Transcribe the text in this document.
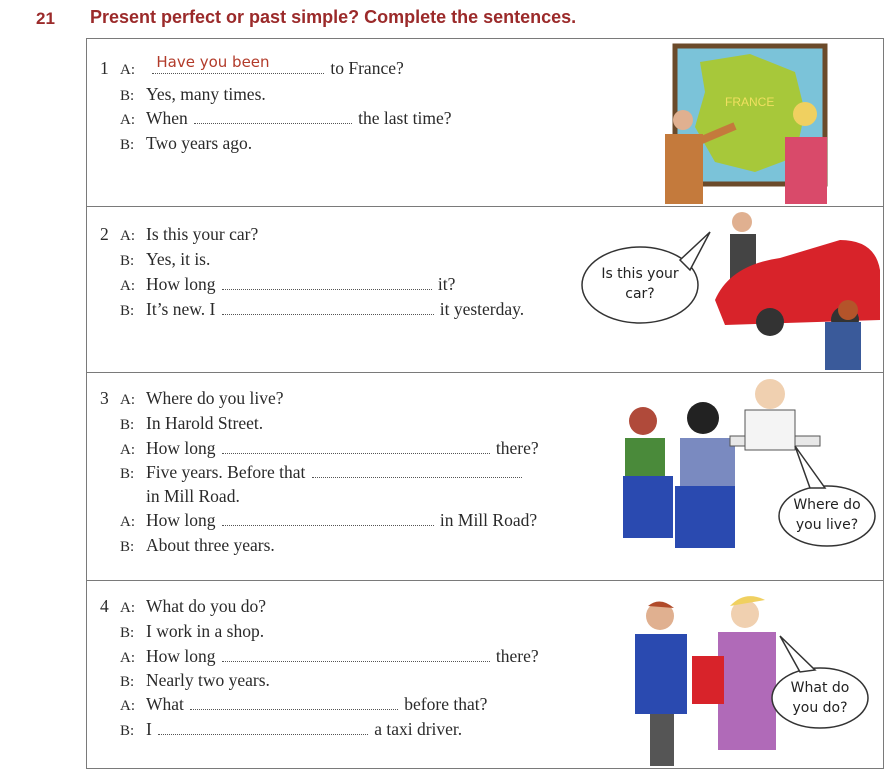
21 Present perfect or past simple? Complete the sentences.
1 A: Have you been	to France?
B: Yes, many times.
A: When	the last time?
B: Two years ago.
FRANCE
2 A: Is this your car?
B: Yes, it is.
A: How long	it?
B: It’s new. I	it yesterday.
Is this your
car?
3 A: Where do you live?
B: In Harold Street.
A: How long	there?
B: Five years. Before that
in Mill Road.
A: How long	in Mill Road?
B: About three years.
Where do
you live?
4 A: What do you do?
B: I work in a shop.
A: How long	there?
B: Nearly two years.
A: What	before that?
B: I	a taxi driver.
What do
you do?
